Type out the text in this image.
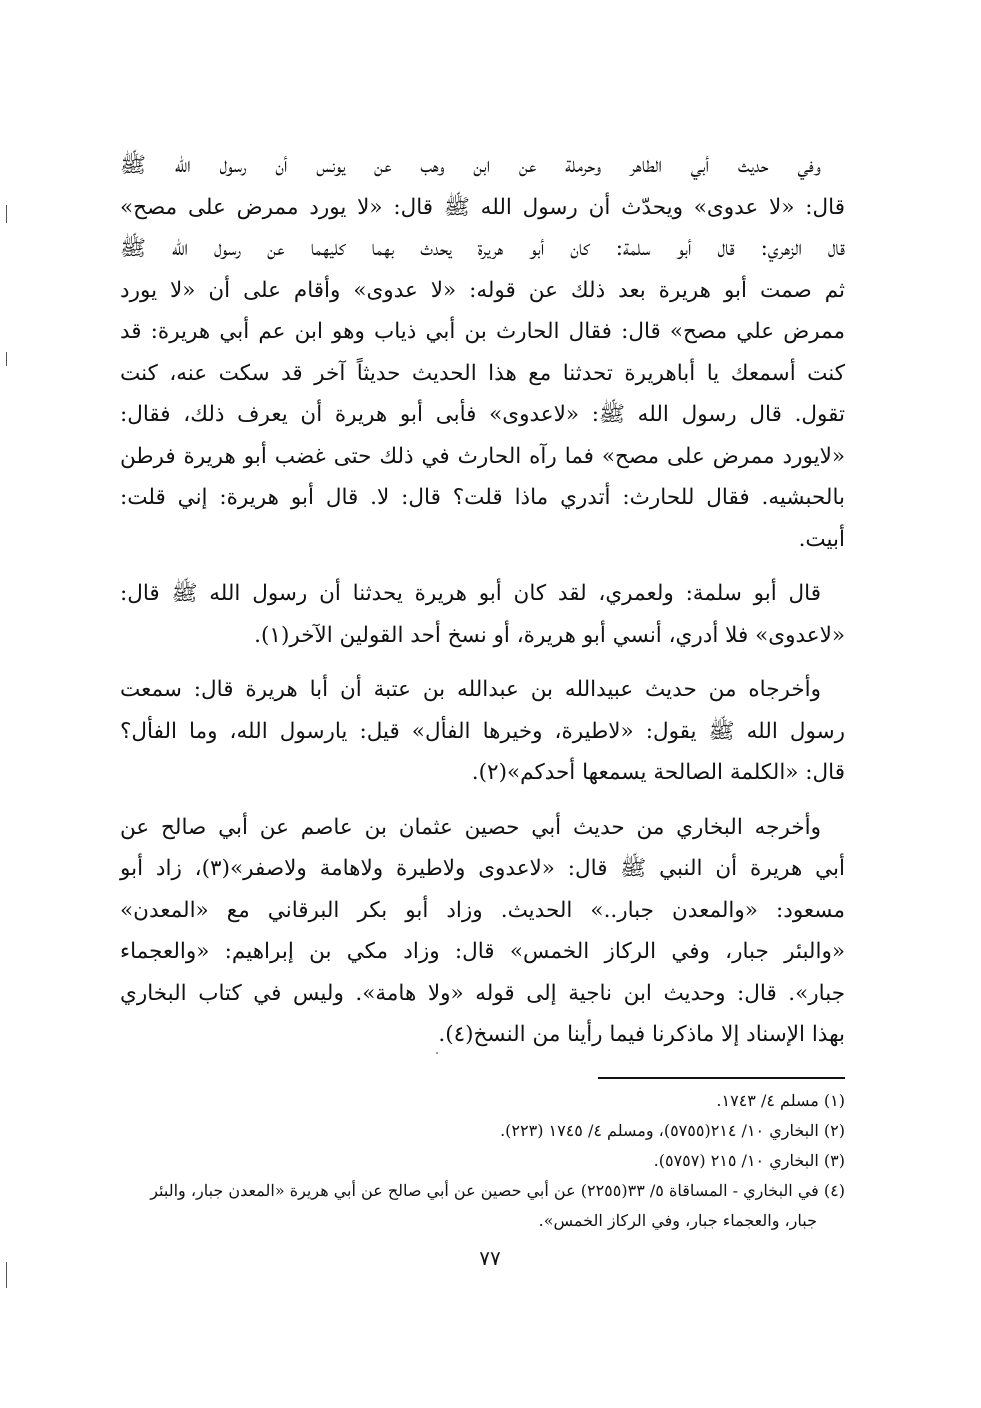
وفي حديث أبي الطاهر وحرملة عن ابن وهب عن يونس أن رسول الله ﷺ
قال: «لا عدوى» ويحدّث أن رسول الله ﷺ قال: «لا يورد ممرض على مصح»
قال الزهري: قال أبو سلمة: كان أبو هريرة يحدث بهما كليهما عن رسول الله ﷺ
ثم صمت أبو هريرة بعد ذلك عن قوله: «لا عدوى» وأقام على أن «لا يورد
ممرض علي مصح» قال: فقال الحارث بن أبي ذياب وهو ابن عم أبي هريرة: قد
كنت أسمعك يا أباهريرة تحدثنا مع هذا الحديث حديثاً آخر قد سكت عنه، كنت
تقول. قال رسول الله ﷺ: «لاعدوى» فأبى أبو هريرة أن يعرف ذلك، فقال:
«لايورد ممرض على مصح» فما رآه الحارث في ذلك حتى غضب أبو هريرة فرطن
بالحبشيه. فقال للحارث: أتدري ماذا قلت؟ قال: لا. قال أبو هريرة: إني قلت:
أبيت.

قال أبو سلمة: ولعمري، لقد كان أبو هريرة يحدثنا أن رسول الله ﷺ قال:
«لاعدوى» فلا أدري، أنسي أبو هريرة، أو نسخ أحد القولين الآخر(١).

وأخرجاه من حديث عبيدالله بن عبدالله بن عتبة أن أبا هريرة قال: سمعت
رسول الله ﷺ يقول: «لاطيرة، وخيرها الفأل» قيل: يارسول الله، وما الفأل؟
قال: «الكلمة الصالحة يسمعها أحدكم»(٢).

وأخرجه البخاري من حديث أبي حصين عثمان بن عاصم عن أبي صالح عن
أبي هريرة أن النبي ﷺ قال: «لاعدوى ولاطيرة ولاهامة ولاصفر»(٣)، زاد أبو
مسعود: «والمعدن جبار..» الحديث. وزاد أبو بكر البرقاني مع «المعدن»
«والبئر جبار، وفي الركاز الخمس» قال: وزاد مكي بن إبراهيم: «والعجماء
جبار». قال: وحديث ابن ناجية إلى قوله «ولا هامة». وليس في كتاب البخاري
بهذا الإسناد إلا ماذكرنا فيما رأينا من النسخ(٤).

(١) مسلم ٤/ ١٧٤٣.

(٢) البخاري ١٠/ ٢١٤(٥٧٥٥)، ومسلم ٤/ ١٧٤٥ (٢٢٣).

(٣) البخاري ١٠/ ٢١٥ (٥٧٥٧).

(٤) في البخاري - المساقاة ٥/ ٣٣(٢٢٥٥) عن أبي حصين عن أبي صالح عن أبي هريرة «المعدن جبار، والبئر

جبار، والعجماء جبار، وفي الركاز الخمس».

٧٧
